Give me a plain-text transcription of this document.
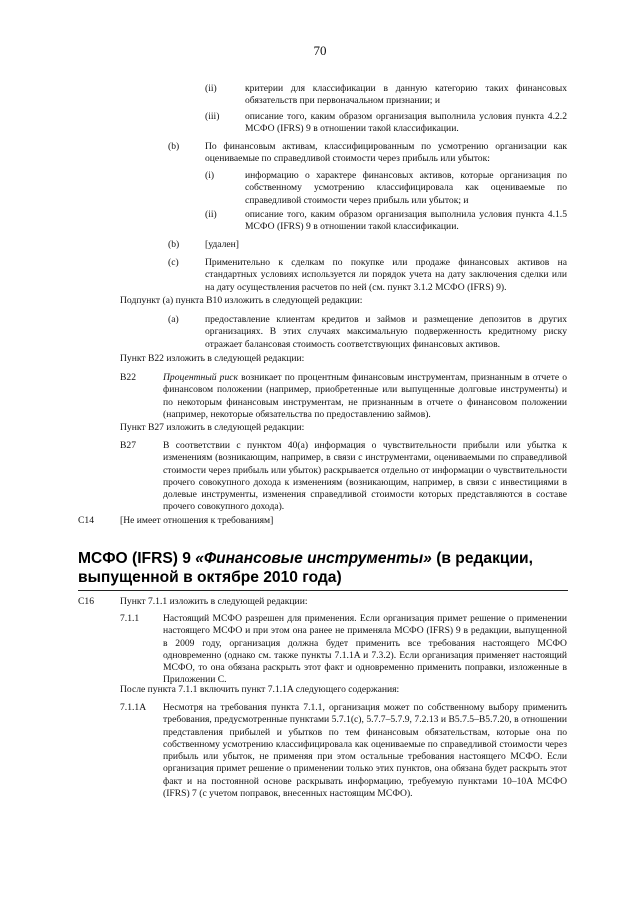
70
(ii)	критерии для классификации в данную категорию таких финансовых обязательств при первоначальном признании; и
(iii)	описание того, каким образом организация выполнила условия пункта 4.2.2 МСФО (IFRS) 9 в отношении такой классификации.
(b)	По финансовым активам, классифицированным по усмотрению организации как оцениваемые по справедливой стоимости через прибыль или убыток:
(i)	информацию о характере финансовых активов, которые организация по собственному усмотрению классифицировала как оцениваемые по справедливой стоимости через прибыль или убыток; и
(ii)	описание того, каким образом организация выполнила условия пункта 4.1.5 МСФО (IFRS) 9 в отношении такой классификации.
(b)	[удален]
(c)	Применительно к сделкам по покупке или продаже финансовых активов на стандартных условиях используется ли порядок учета на дату заключения сделки или на дату осуществления расчетов по ней (см. пункт 3.1.2 МСФО (IFRS) 9).
Подпункт (a) пункта B10 изложить в следующей редакции:
(a)	предоставление клиентам кредитов и займов и размещение депозитов в других организациях. В этих случаях максимальную подверженность кредитному риску отражает балансовая стоимость соответствующих финансовых активов.
Пункт B22 изложить в следующей редакции:
B22	Процентный риск возникает по процентным финансовым инструментам, признанным в отчете о финансовом положении (например, приобретенные или выпущенные долговые инструменты) и по некоторым финансовым инструментам, не признанным в отчете о финансовом положении (например, некоторые обязательства по предоставлению займов).
Пункт B27 изложить в следующей редакции:
B27	В соответствии с пунктом 40(a) информация о чувствительности прибыли или убытка к изменениям (возникающим, например, в связи с инструментами, оцениваемыми по справедливой стоимости через прибыль или убыток) раскрывается отдельно от информации о чувствительности прочего совокупного дохода к изменениям (возникающим, например, в связи с инвестициями в долевые инструменты, изменения справедливой стоимости которых представляются в составе прочего совокупного дохода).
C14	[Не имеет отношения к требованиям]
МСФО (IFRS) 9 «Финансовые инструменты» (в редакции, выпущенной в октябре 2010 года)
C16	Пункт 7.1.1 изложить в следующей редакции:
7.1.1 Настоящий МСФО разрешен для применения. Если организация примет решение о применении настоящего МСФО и при этом она ранее не применяла МСФО (IFRS) 9 в редакции, выпущенной в 2009 году, организация должна будет применить все требования настоящего МСФО одновременно (однако см. также пункты 7.1.1A и 7.3.2). Если организация применяет настоящий МСФО, то она обязана раскрыть этот факт и одновременно применить поправки, изложенные в Приложении C.
После пункта 7.1.1 включить пункт 7.1.1A следующего содержания:
7.1.1A Несмотря на требования пункта 7.1.1, организация может по собственному выбору применить требования, предусмотренные пунктами 5.7.1(c), 5.7.7–5.7.9, 7.2.13 и B5.7.5–B5.7.20, в отношении представления прибылей и убытков по тем финансовым обязательствам, которые она по собственному усмотрению классифицировала как оцениваемые по справедливой стоимости через прибыль или убыток, не применяя при этом остальные требования настоящего МСФО. Если организация примет решение о применении только этих пунктов, она обязана будет раскрыть этот факт и на постоянной основе раскрывать информацию, требуемую пунктами 10–10A МСФО (IFRS) 7 (с учетом поправок, внесенных настоящим МСФО).
